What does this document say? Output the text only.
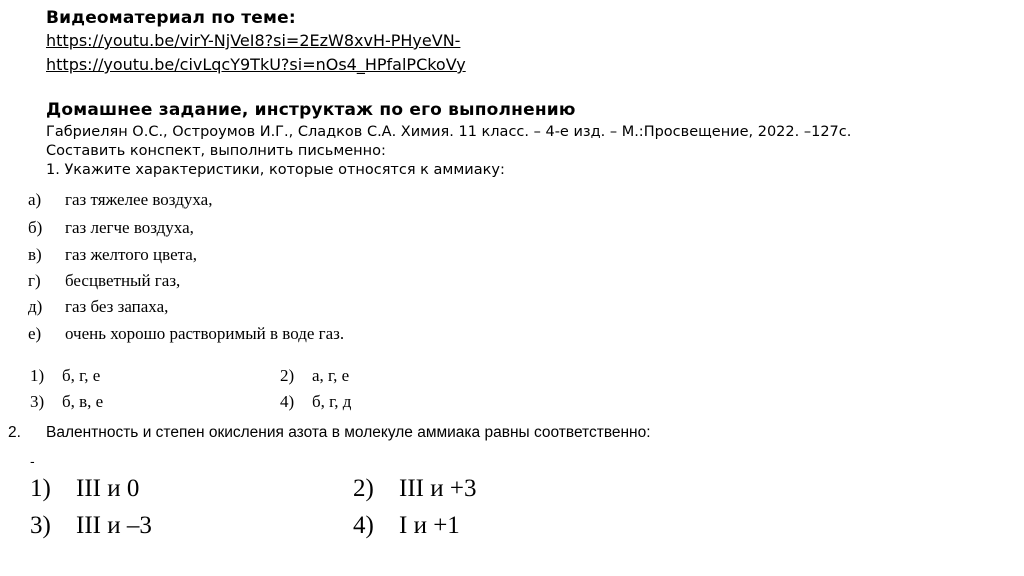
Видеоматериал по теме:
https://youtu.be/virY-NjVeI8?si=2EzW8xvH-PHyeVN-
https://youtu.be/civLqcY9TkU?si=nOs4_HPfalPCkoVy
Домашнее задание, инструктаж по его выполнению
Габриелян О.С., Остроумов И.Г., Сладков С.А. Химия. 11 класс. – 4-е изд. – М.:Просвещение, 2022. –127с.
Составить конспект, выполнить письменно:
1. Укажите характеристики, которые относятся к аммиаку:
а) газ тяжелее воздуха,
б) газ легче воздуха,
в) газ желтого цвета,
г) бесцветный газ,
д) газ без запаха,
е) очень хорошо растворимый в воде газ.
1) б, г, е	2) а, г, е
3) б, в, е	4) б, г, д
2. Валентность и степен окисления азота в молекуле аммиака равны соответственно:
-
1) III и 0	2) III и +3
3) III и –3	4) I и +1
